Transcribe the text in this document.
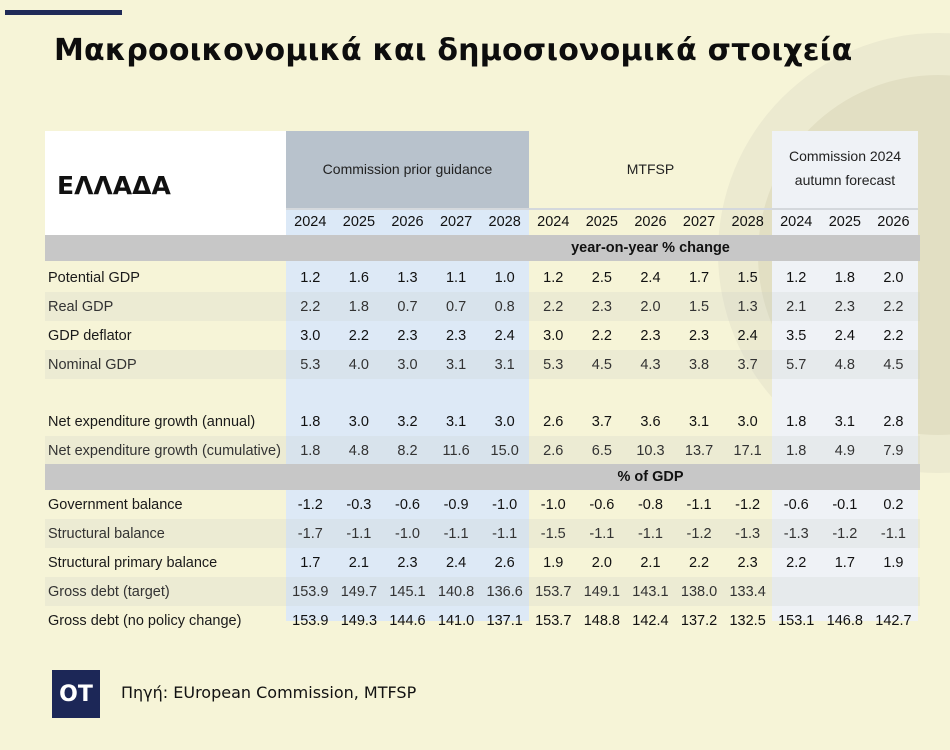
Μακροοικονομικά και δημοσιονομικά στοιχεία
ΕΛΛΑΔΑ
Commission prior guidance	MTFSP
Commission 2024
autumn forecast
2024	2025	2026	2027	2028	2024	2025	2026	2027	2028	2024	2025	2026
year-on-year % change
Potential GDP	1.2	1.6	1.3	1.1	1.0	1.2	2.5	2.4	1.7	1.5	1.2	1.8	2.0
Real GDP	2.2	1.8	0.7	0.7	0.8	2.2	2.3	2.0	1.5	1.3	2.1	2.3	2.2
GDP deflator	3.0	2.2	2.3	2.3	2.4	3.0	2.2	2.3	2.3	2.4	3.5	2.4	2.2
Nominal GDP	5.3	4.0	3.0	3.1	3.1	5.3	4.5	4.3	3.8	3.7	5.7	4.8	4.5
Net expenditure growth (annual)	1.8	3.0	3.2	3.1	3.0	2.6	3.7	3.6	3.1	3.0	1.8	3.1	2.8
Net expenditure growth (cumulative)	1.8	4.8	8.2	11.6	15.0	2.6	6.5	10.3	13.7	17.1	1.8	4.9	7.9
% of GDP
Government balance	-1.2	-0.3	-0.6	-0.9	-1.0	-1.0	-0.6	-0.8	-1.1	-1.2	-0.6	-0.1	0.2
Structural balance	-1.7	-1.1	-1.0	-1.1	-1.1	-1.5	-1.1	-1.1	-1.2	-1.3	-1.3	-1.2	-1.1
Structural primary balance	1.7	2.1	2.3	2.4	2.6	1.9	2.0	2.1	2.2	2.3	2.2	1.7	1.9
Gross debt (target)	153.9 149.7 145.1 140.8 136.6 153.7 149.1 143.1 138.0 133.4
Gross debt (no policy change)	153.9 149.3 144.6 141.0 137.1 153.7 148.8 142.4 137.2 132.5 153.1 146.8 142.7
OT	Πηγή: EUropean Commission, MTFSP
